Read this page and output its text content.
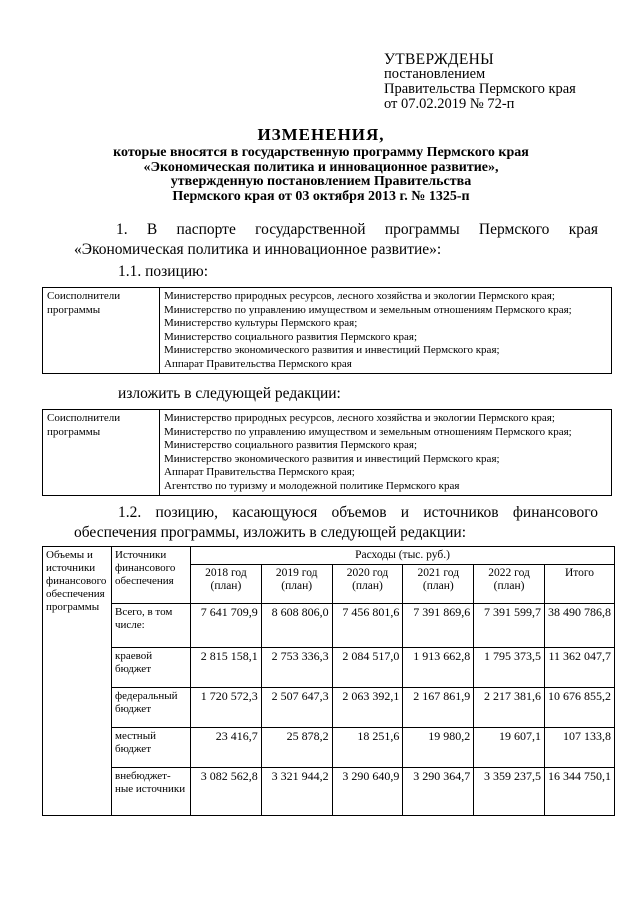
УТВЕРЖДЕНЫ
постановлением
Правительства Пермского края
от 07.02.2019 № 72-п
ИЗМЕНЕНИЯ,
которые вносятся в государственную программу Пермского края
«Экономическая политика и инновационное развитие»,
утвержденную постановлением Правительства
Пермского края от 03 октября 2013 г. № 1325-п
1. В паспорте государственной программы Пермского края
«Экономическая политика и инновационное развитие»:
1.1. позицию:
Соисполнители программы	
Министерство природных ресурсов, лесного хозяйства и экологии Пермского края;
Министерство по управлению имуществом и земельным отношениям Пермского края;
Министерство культуры Пермского края;
Министерство социального развития Пермского края;
Министерство экономического развития и инвестиций Пермского края;
Аппарат Правительства Пермского края
изложить в следующей редакции:
Соисполнители программы	
Министерство природных ресурсов, лесного хозяйства и экологии Пермского края;
Министерство по управлению имуществом и земельным отношениям Пермского края;
Министерство социального развития Пермского края;
Министерство экономического развития и инвестиций Пермского края;
Аппарат Правительства Пермского края;
Агентство по туризму и молодежной политике Пермского края
1.2. позицию, касающуюся объемов и источников финансового
обеспечения программы, изложить в следующей редакции:
Объемы и источники финансового обеспечения программы	Источники финансового обеспечения	Расходы (тыс. руб.)					
		2018 год (план)	2019 год (план)	2020 год (план)	2021 год (план)	2022 год (план)	Итого
	Всего, в том числе:	7 641 709,9	8 608 806,0	7 456 801,6	7 391 869,6	7 391 599,7	38 490 786,8
	краевой бюджет	2 815 158,1	2 753 336,3	2 084 517,0	1 913 662,8	1 795 373,5	11 362 047,7
	федеральный бюджет	1 720 572,3	2 507 647,3	2 063 392,1	2 167 861,9	2 217 381,6	10 676 855,2
	местный бюджет	23 416,7	25 878,2	18 251,6	19 980,2	19 607,1	107 133,8
	внебюджет-ные источники	3 082 562,8	3 321 944,2	3 290 640,9	3 290 364,7	3 359 237,5	16 344 750,1
